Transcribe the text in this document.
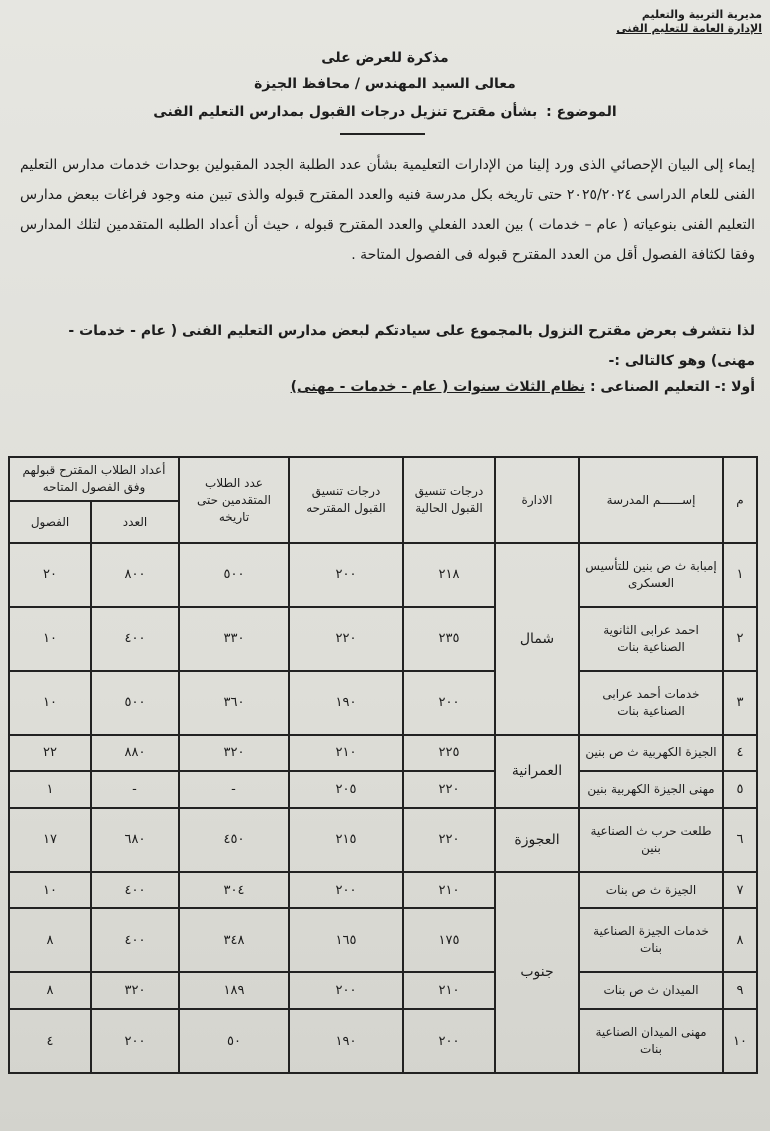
مديرية التربية والتعليم
الإدارة العامة للتعليم الفنى
مذكرة للعرض على
معالى السيد المهندس / محافظ الجيزة
الموضوع : بشأن مقترح تنزيل درجات القبول بمدارس التعليم الفنى
إيماء إلى البيان الإحصائي الذى ورد إلينا من الإدارات التعليمية بشأن عدد الطلبة الجدد المقبولين بوحدات خدمات مدارس التعليم الفنى للعام الدراسى ٢٠٢٥/٢٠٢٤ حتى تاريخه بكل مدرسة فنيه والعدد المقترح قبوله والذى تبين منه وجود فراغات ببعض مدارس التعليم الفنى بنوعياته ( عام – خدمات ) بين العدد الفعلي والعدد المقترح قبوله ، حيث أن أعداد الطلبه المتقدمين لتلك المدارس وفقا لكثافة الفصول أقل من العدد المقترح قبوله فى الفصول المتاحة .
لذا نتشرف بعرض مقترح النزول بالمجموع على سيادتكم لبعض مدارس التعليم الفنى ( عام - خدمات - مهنى) وهو كالتالى :-
أولا :- التعليم الصناعى : نظام الثلاث سنوات ( عام - خدمات - مهنى)
م	إســــــم المدرسة	الادارة	درجات تنسيق القبول الحالية	درجات تنسيق القبول المقترحه	عدد الطلاب المتقدمين حتى تاريخه	أعداد الطلاب المقترح قبولهم وفق الفصول المتاحه	
						العدد	الفصول
١	إمبابة ث ص بنين للتأسيس العسكرى	شمال	٢١٨	٢٠٠	٥٠٠	٨٠٠	٢٠
٢	احمد عرابى الثانوية الصناعية بنات		٢٣٥	٢٢٠	٣٣٠	٤٠٠	١٠
٣	خدمات أحمد عرابى الصناعية بنات		٢٠٠	١٩٠	٣٦٠	٥٠٠	١٠
٤	الجيزة الكهربية ث ص بنين	العمرانية	٢٢٥	٢١٠	٣٢٠	٨٨٠	٢٢
٥	مهنى الجيزة الكهربية بنين		٢٢٠	٢٠٥	-	-	١
٦	طلعت حرب ث الصناعية بنين	العجوزة	٢٢٠	٢١٥	٤٥٠	٦٨٠	١٧
٧	الجيزة ث ص بنات	جنوب	٢١٠	٢٠٠	٣٠٤	٤٠٠	١٠
٨	خدمات الجيزة الصناعية بنات		١٧٥	١٦٥	٣٤٨	٤٠٠	٨
٩	الميدان ث ص بنات		٢١٠	٢٠٠	١٨٩	٣٢٠	٨
١٠	مهنى الميدان الصناعية بنات		٢٠٠	١٩٠	٥٠	٢٠٠	٤
